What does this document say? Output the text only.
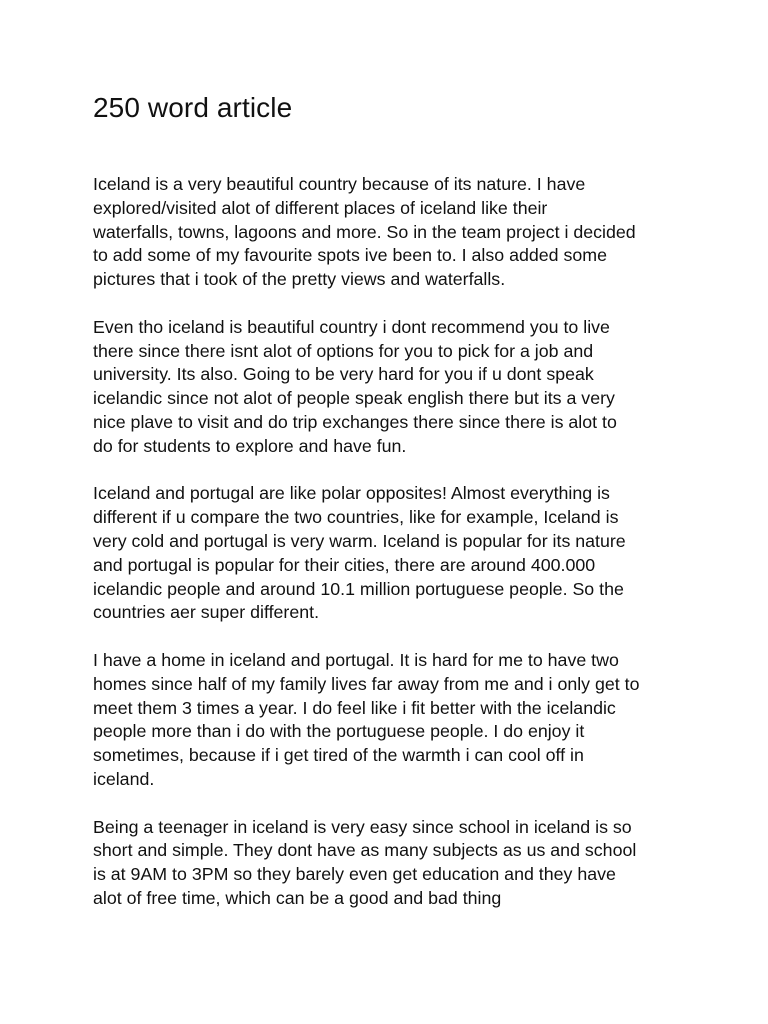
250 word article

Iceland is a very beautiful country because of its nature. I have
explored/visited alot of different places of iceland like their
waterfalls, towns, lagoons and more. So in the team project i decided
to add some of my favourite spots ive been to. I also added some
pictures that i took of the pretty views and waterfalls.

Even tho iceland is beautiful country i dont recommend you to live
there since there isnt alot of options for you to pick for a job and
university. Its also. Going to be very hard for you if u dont speak
icelandic since not alot of people speak english there but its a very
nice plave to visit and do trip exchanges there since there is alot to
do for students to explore and have fun.

Iceland and portugal are like polar opposites! Almost everything is
different if u compare the two countries, like for example, Iceland is
very cold and portugal is very warm. Iceland is popular for its nature
and portugal is popular for their cities, there are around 400.000
icelandic people and around 10.1 million portuguese people. So the
countries aer super different.

I have a home in iceland and portugal. It is hard for me to have two
homes since half of my family lives far away from me and i only get to
meet them 3 times a year. I do feel like i fit better with the icelandic
people more than i do with the portuguese people. I do enjoy it
sometimes, because if i get tired of the warmth i can cool off in
iceland.

Being a teenager in iceland is very easy since school in iceland is so
short and simple. They dont have as many subjects as us and school
is at 9AM to 3PM so they barely even get education and they have
alot of free time, which can be a good and bad thing
